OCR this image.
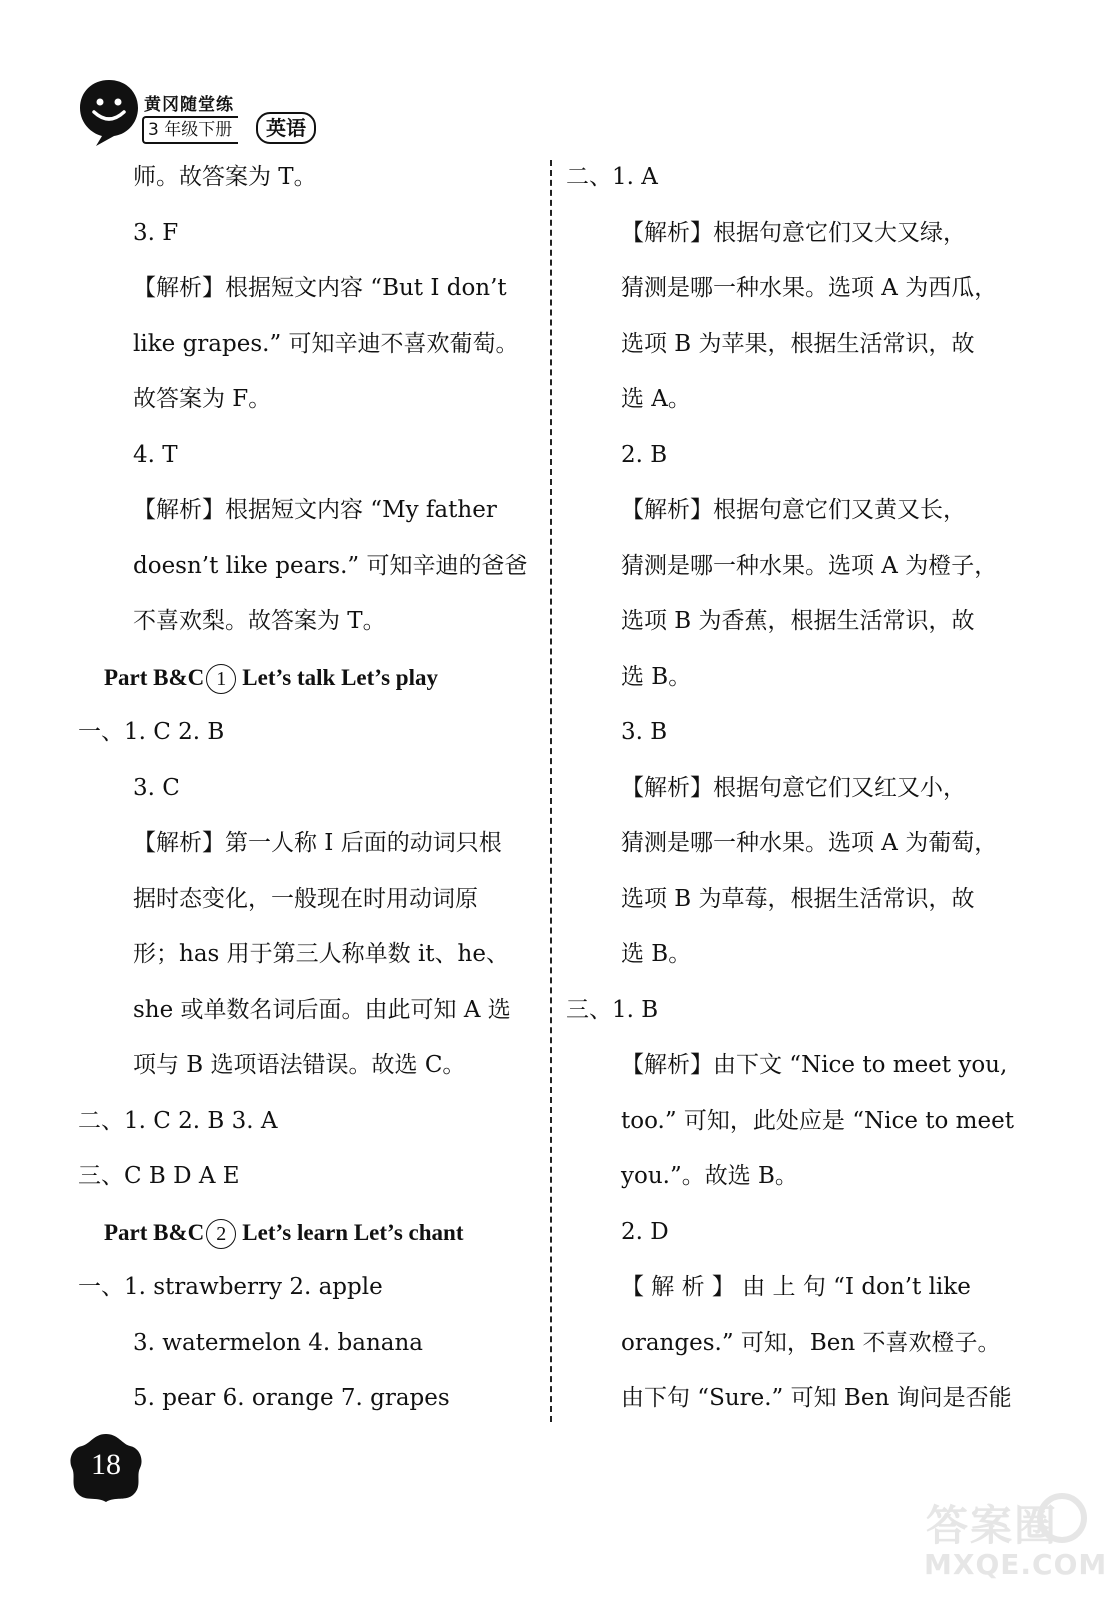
黄冈随堂练
3 年级下册	英语
师。故答案为 T。
3. F
【解析】根据短文内容 “But I don’t
like grapes.” 可知辛迪不喜欢葡萄。
故答案为 F。
4. T
【解析】根据短文内容 “My father
doesn’t like pears.” 可知辛迪的爸爸
不喜欢梨。故答案为 T。
Part B&C 1 Let’s talk Let’s play
一、1. C 2. B
3. C
【解析】第一人称 I 后面的动词只根
据时态变化，一般现在时用动词原
形；has 用于第三人称单数 it、he、
she 或单数名词后面。由此可知 A 选
项与 B 选项语法错误。故选 C。
二、1. C 2. B 3. A
三、C B D A E
Part B&C 2 Let’s learn Let’s chant
一、1. strawberry 2. apple
3. watermelon 4. banana
5. pear 6. orange 7. grapes
二、1. A
【解析】根据句意它们又大又绿，
猜测是哪一种水果。选项 A 为西瓜，
选项 B 为苹果，根据生活常识，故
选 A。
2. B
【解析】根据句意它们又黄又长，
猜测是哪一种水果。选项 A 为橙子，
选项 B 为香蕉，根据生活常识，故
选 B。
3. B
【解析】根据句意它们又红又小，
猜测是哪一种水果。选项 A 为葡萄，
选项 B 为草莓，根据生活常识，故
选 B。
三、1. B
【解析】由下文 “Nice to meet you,
too.” 可知，此处应是 “Nice to meet
you.”。故选 B。
2. D
【 解 析 】 由 上 句 “I don’t like
oranges.” 可知，Ben 不喜欢橙子。
由下句 “Sure.” 可知 Ben 询问是否能
18
答案圈
MXQE.COM
